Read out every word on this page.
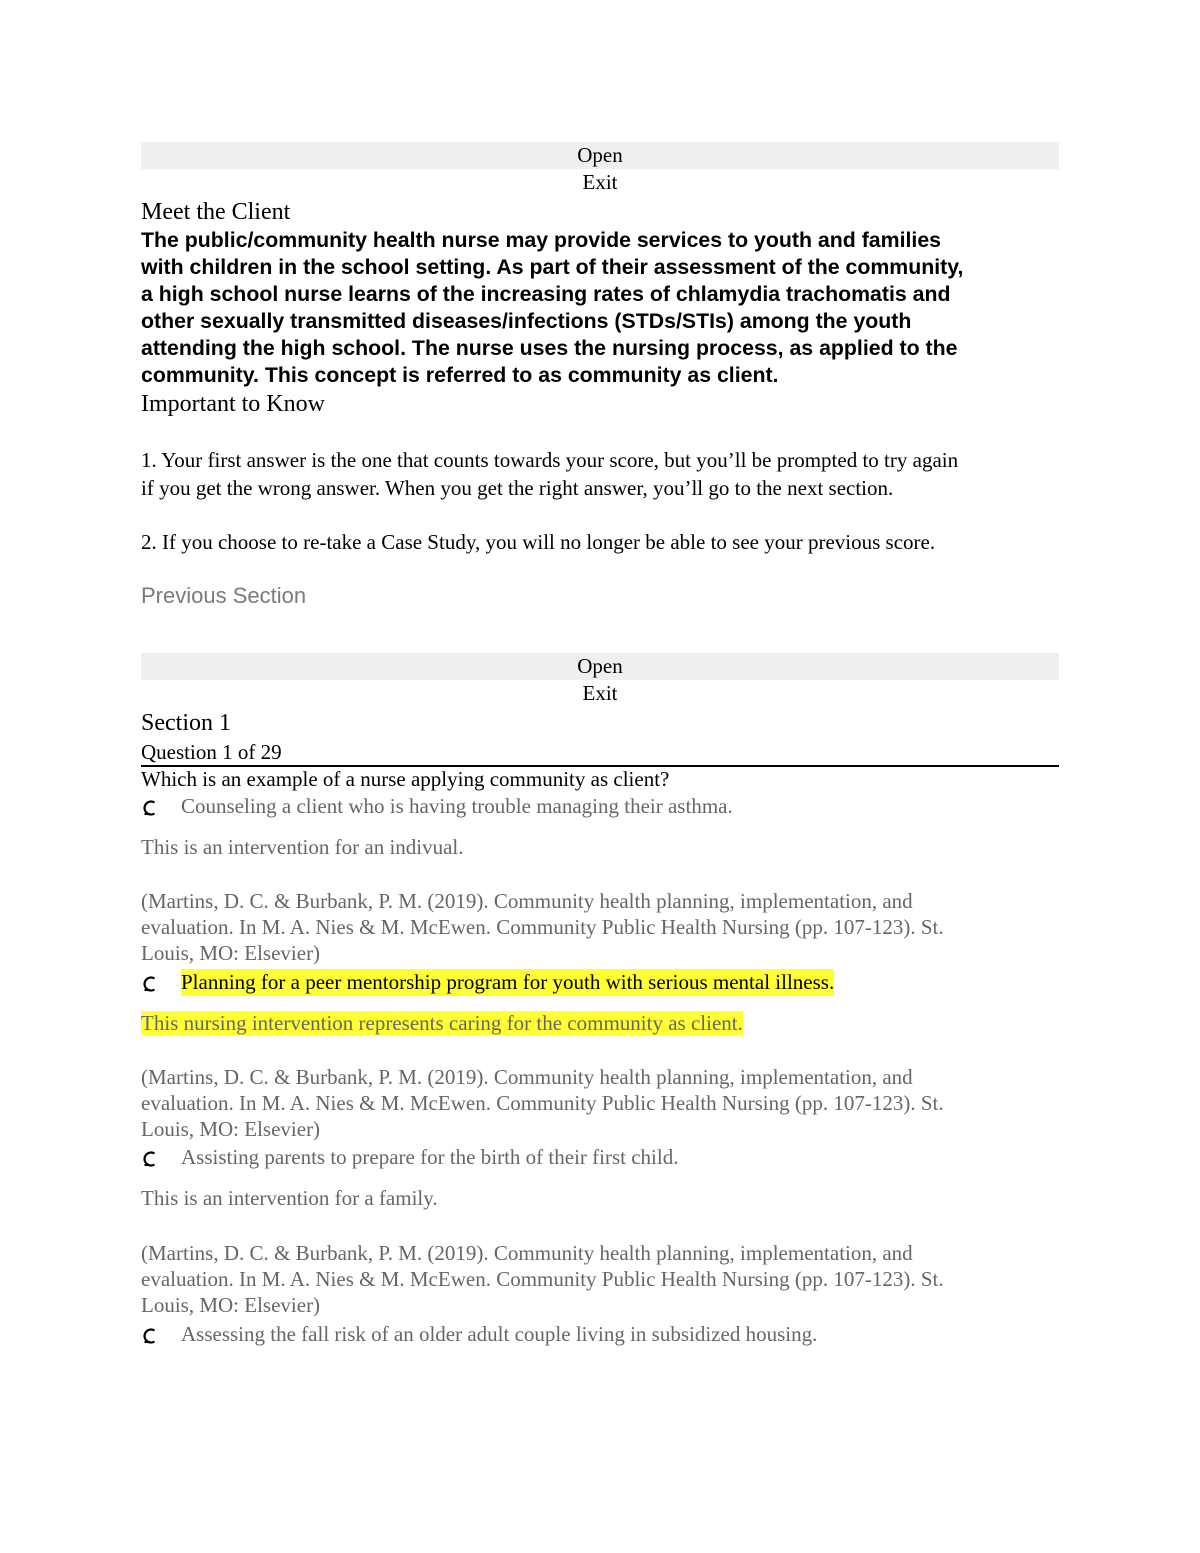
Open
Exit
Meet the Client
The public/community health nurse may provide services to youth and families
with children in the school setting. As part of their assessment of the community,
a high school nurse learns of the increasing rates of chlamydia trachomatis and
other sexually transmitted diseases/infections (STDs/STIs) among the youth
attending the high school. The nurse uses the nursing process, as applied to the
community. This concept is referred to as community as client.
Important to Know
1. Your first answer is the one that counts towards your score, but you’ll be prompted to try again
if you get the wrong answer. When you get the right answer, you’ll go to the next section.
2. If you choose to re-take a Case Study, you will no longer be able to see your previous score.
Previous Section
Open
Exit
Section 1
Question 1 of 29
Which is an example of a nurse applying community as client?
Counseling a client who is having trouble managing their asthma.
This is an intervention for an indivual.
(Martins, D. C. & Burbank, P. M. (2019). Community health planning, implementation, and
evaluation. In M. A. Nies & M. McEwen. Community Public Health Nursing (pp. 107-123). St.
Louis, MO: Elsevier)
Planning for a peer mentorship program for youth with serious mental illness.
This nursing intervention represents caring for the community as client.
(Martins, D. C. & Burbank, P. M. (2019). Community health planning, implementation, and
evaluation. In M. A. Nies & M. McEwen. Community Public Health Nursing (pp. 107-123). St.
Louis, MO: Elsevier)
Assisting parents to prepare for the birth of their first child.
This is an intervention for a family.
(Martins, D. C. & Burbank, P. M. (2019). Community health planning, implementation, and
evaluation. In M. A. Nies & M. McEwen. Community Public Health Nursing (pp. 107-123). St.
Louis, MO: Elsevier)
Assessing the fall risk of an older adult couple living in subsidized housing.
